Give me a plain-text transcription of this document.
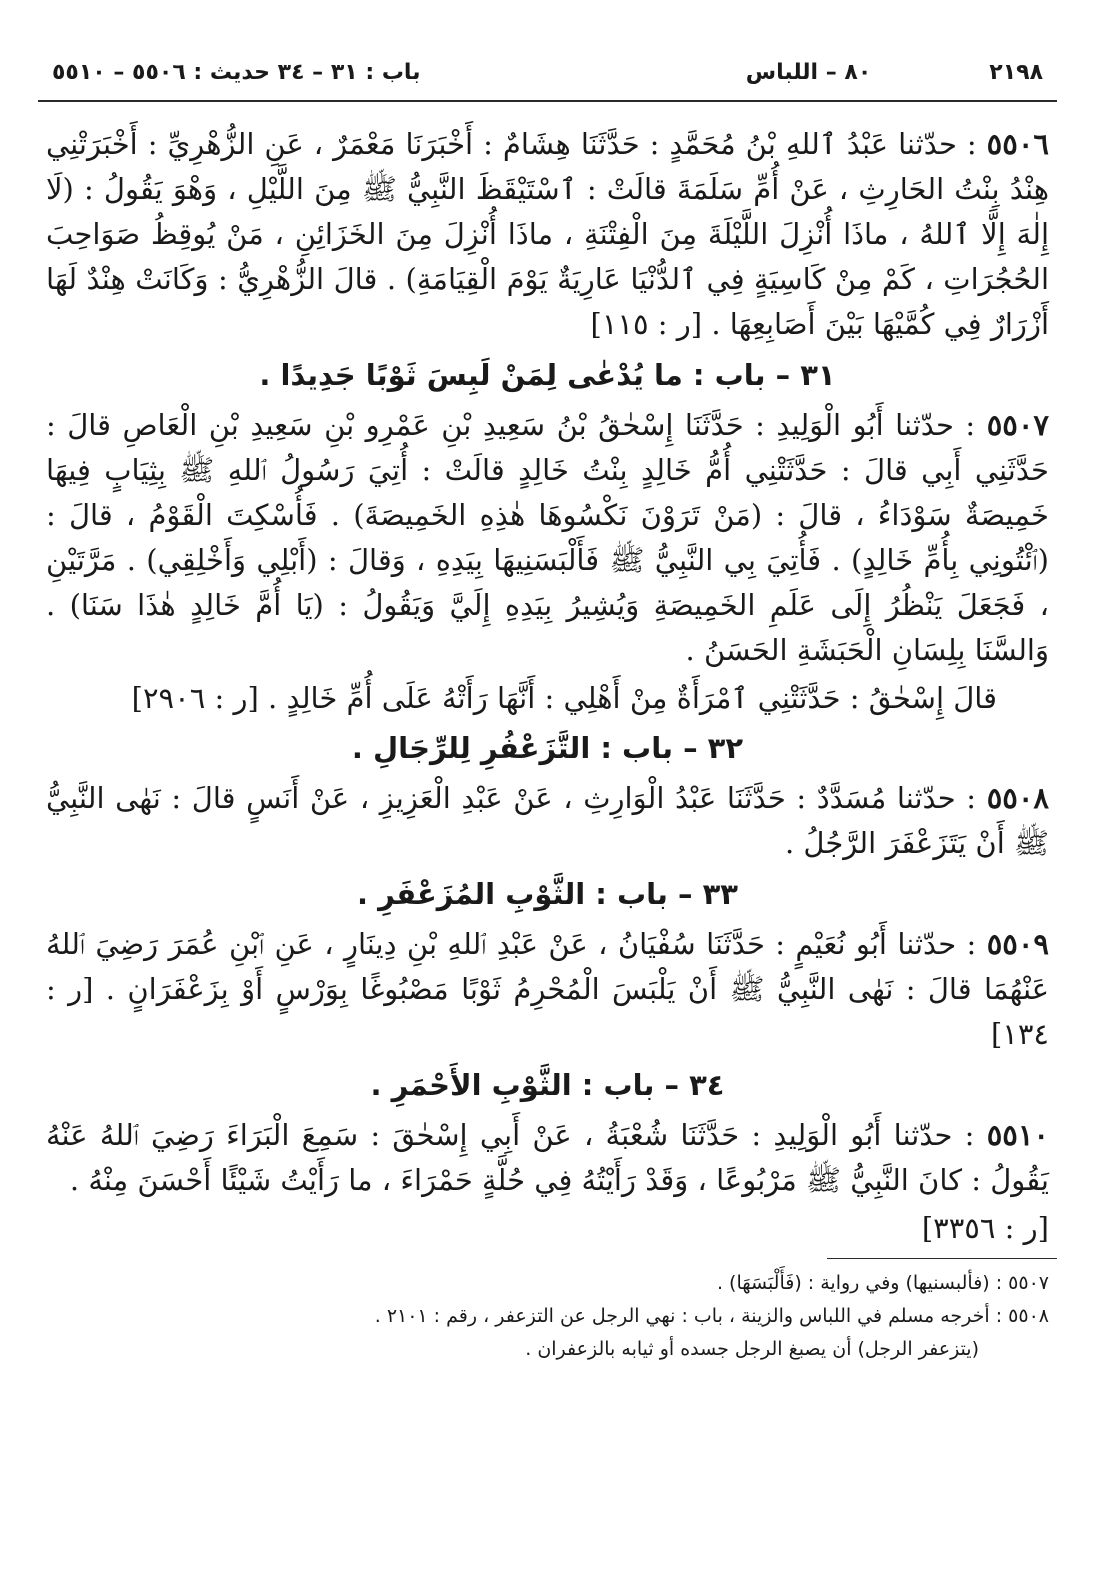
٢١٩٨
٨٠ – اللباس
باب : ٣١ – ٣٤ حديث : ٥٥٠٦ – ٥٥١٠

٥٥٠٦ : حدّثنا عَبْدُ ٱللهِ بْنُ مُحَمَّدٍ : حَدَّثَنَا هِشَامٌ : أَخْبَرَنَا مَعْمَرٌ ، عَنِ الزُّهْرِيِّ : أَخْبَرَتْنِي هِنْدُ بِنْتُ الحَارِثِ ، عَنْ أُمِّ سَلَمَةَ قالَتْ : ٱسْتَيْقَظَ النَّبِيُّ ﷺ مِنَ اللَّيْلِ ، وَهْوَ يَقُولُ : (لَا إِلٰهَ إِلَّا ٱللهُ ، ماذَا أُنْزِلَ اللَّيْلَةَ مِنَ الْفِتْنَةِ ، ماذَا أُنْزِلَ مِنَ الخَزَائِنِ ، مَنْ يُوقِظُ صَوَاحِبَ الحُجُرَاتِ ، كَمْ مِنْ كَاسِيَةٍ فِي ٱلدُّنْيَا عَارِيَةٌ يَوْمَ الْقِيَامَةِ) . قالَ الزُّهْرِيُّ : وَكَانَتْ هِنْدٌ لَهَا أَزْرَارٌ فِي كُمَّيْهَا بَيْنَ أَصَابِعِهَا . [ر : ١١٥]

٣١ – باب : ما يُدْعٰى لِمَنْ لَبِسَ ثَوْبًا جَدِيدًا .

٥٥٠٧ : حدّثنا أَبُو الْوَلِيدِ : حَدَّثَنَا إِسْحٰقُ بْنُ سَعِيدِ بْنِ عَمْرِو بْنِ سَعِيدِ بْنِ الْعَاصِ قالَ : حَدَّثَنِي أَبِي قالَ : حَدَّثَتْنِي أُمُّ خَالِدٍ بِنْتُ خَالِدٍ قالَتْ : أُتِيَ رَسُولُ ٱللهِ ﷺ بِثِيَابٍ فِيهَا خَمِيصَةٌ سَوْدَاءُ ، قالَ : (مَنْ تَرَوْنَ نَكْسُوهَا هٰذِهِ الخَمِيصَةَ) . فَأُسْكِتَ الْقَوْمُ ، قالَ : (ٱئْتُونِي بِأُمِّ خَالِدٍ) . فَأُتِيَ بِي النَّبِيُّ ﷺ فَأَلْبَسَنِيهَا بِيَدِهِ ، وَقالَ : (أَبْلِي وَأَخْلِقِي) . مَرَّتَيْنِ ، فَجَعَلَ يَنْظُرُ إِلَى عَلَمِ الخَمِيصَةِ وَيُشِيرُ بِيَدِهِ إِلَيَّ وَيَقُولُ : (يَا أُمَّ خَالِدٍ هٰذَا سَنَا) . وَالسَّنَا بِلِسَانِ الْحَبَشَةِ الحَسَنُ .

قالَ إِسْحٰقُ : حَدَّثَتْنِي ٱمْرَأَةٌ مِنْ أَهْلِي : أَنَّهَا رَأَتْهُ عَلَى أُمِّ خَالِدٍ . [ر : ٢٩٠٦]

٣٢ – باب : التَّزَعْفُرِ لِلرِّجَالِ .

٥٥٠٨ : حدّثنا مُسَدَّدٌ : حَدَّثَنَا عَبْدُ الْوَارِثِ ، عَنْ عَبْدِ الْعَزِيزِ ، عَنْ أَنَسٍ قالَ : نَهٰى النَّبِيُّ ﷺ أَنْ يَتَزَعْفَرَ الرَّجُلُ .

٣٣ – باب : الثَّوْبِ المُزَعْفَرِ .

٥٥٠٩ : حدّثنا أَبُو نُعَيْمٍ : حَدَّثَنَا سُفْيَانُ ، عَنْ عَبْدِ ٱللهِ بْنِ دِينَارٍ ، عَنِ ٱبْنِ عُمَرَ رَضِيَ ٱللهُ عَنْهُمَا قالَ : نَهٰى النَّبِيُّ ﷺ أَنْ يَلْبَسَ الْمُحْرِمُ ثَوْبًا مَصْبُوغًا بِوَرْسٍ أَوْ بِزَعْفَرَانٍ . [ر : ١٣٤]

٣٤ – باب : الثَّوْبِ الأَحْمَرِ .

٥٥١٠ : حدّثنا أَبُو الْوَلِيدِ : حَدَّثَنَا شُعْبَةُ ، عَنْ أَبِي إِسْحٰقَ : سَمِعَ الْبَرَاءَ رَضِيَ ٱللهُ عَنْهُ يَقُولُ : كانَ النَّبِيُّ ﷺ مَرْبُوعًا ، وَقَدْ رَأَيْتُهُ فِي حُلَّةٍ حَمْرَاءَ ، ما رَأَيْتُ شَيْئًا أَحْسَنَ مِنْهُ .

[ر : ٣٣٥٦]

٥٥٠٧ : (فألبسنيها) وفي رواية : (فَأَلْبَسَهَا) .

٥٥٠٨ : أخرجه مسلم في اللباس والزينة ، باب : نهي الرجل عن التزعفر ، رقم : ٢١٠١ .

(يتزعفر الرجل) أن يصبغ الرجل جسده أو ثيابه بالزعفران .
